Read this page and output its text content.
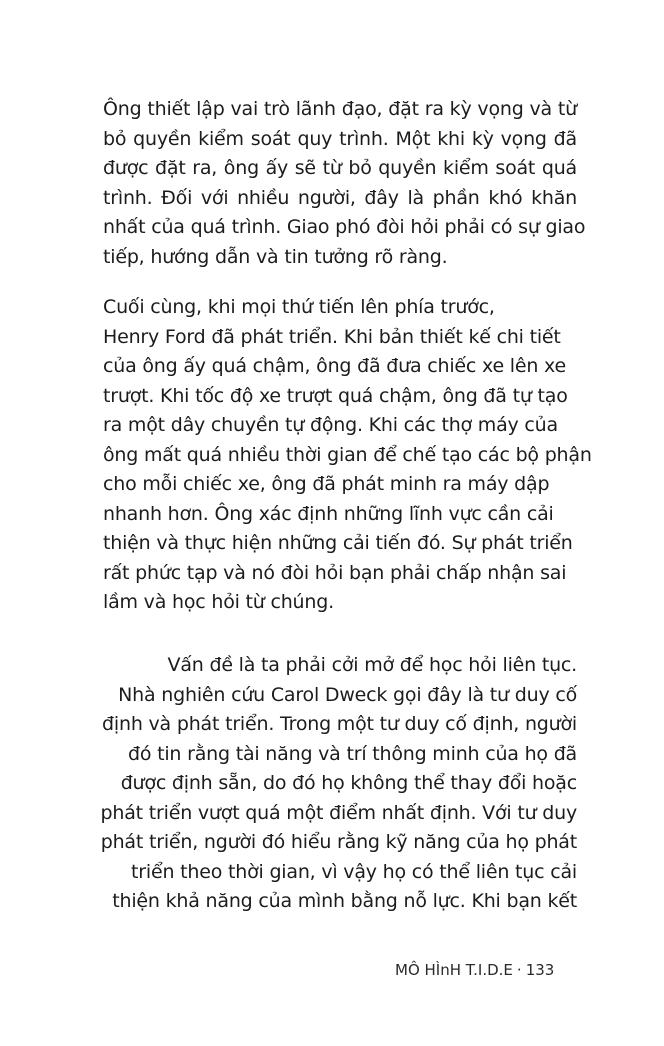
Ông thiết lập vai trò lãnh đạo, đặt ra kỳ vọng và từ
bỏ quyền kiểm soát quy trình. Một khi kỳ vọng đã
được đặt ra, ông ấy sẽ từ bỏ quyền kiểm soát quá
trình. Đối với nhiều người, đây là phần khó khăn
nhất của quá trình. Giao phó đòi hỏi phải có sự giao
tiếp, hướng dẫn và tin tưởng rõ ràng.
Cuối cùng, khi mọi thứ tiến lên phía trước,
Henry Ford đã phát triển. Khi bản thiết kế chi tiết
của ông ấy quá chậm, ông đã đưa chiếc xe lên xe
trượt. Khi tốc độ xe trượt quá chậm, ông đã tự tạo
ra một dây chuyền tự động. Khi các thợ máy của
ông mất quá nhiều thời gian để chế tạo các bộ phận
cho mỗi chiếc xe, ông đã phát minh ra máy dập
nhanh hơn. Ông xác định những lĩnh vực cần cải
thiện và thực hiện những cải tiến đó. Sự phát triển
rất phức tạp và nó đòi hỏi bạn phải chấp nhận sai
lầm và học hỏi từ chúng.
Vấn đề là ta phải cởi mở để học hỏi liên tục.
Nhà nghiên cứu Carol Dweck gọi đây là tư duy cố
định và phát triển. Trong một tư duy cố định, người
đó tin rằng tài năng và trí thông minh của họ đã
được định sẵn, do đó họ không thể thay đổi hoặc
phát triển vượt quá một điểm nhất định. Với tư duy
phát triển, người đó hiểu rằng kỹ năng của họ phát
triển theo thời gian, vì vậy họ có thể liên tục cải
thiện khả năng của mình bằng nỗ lực. Khi bạn kết
MÔ HÌnH T.I.D.E · 133
